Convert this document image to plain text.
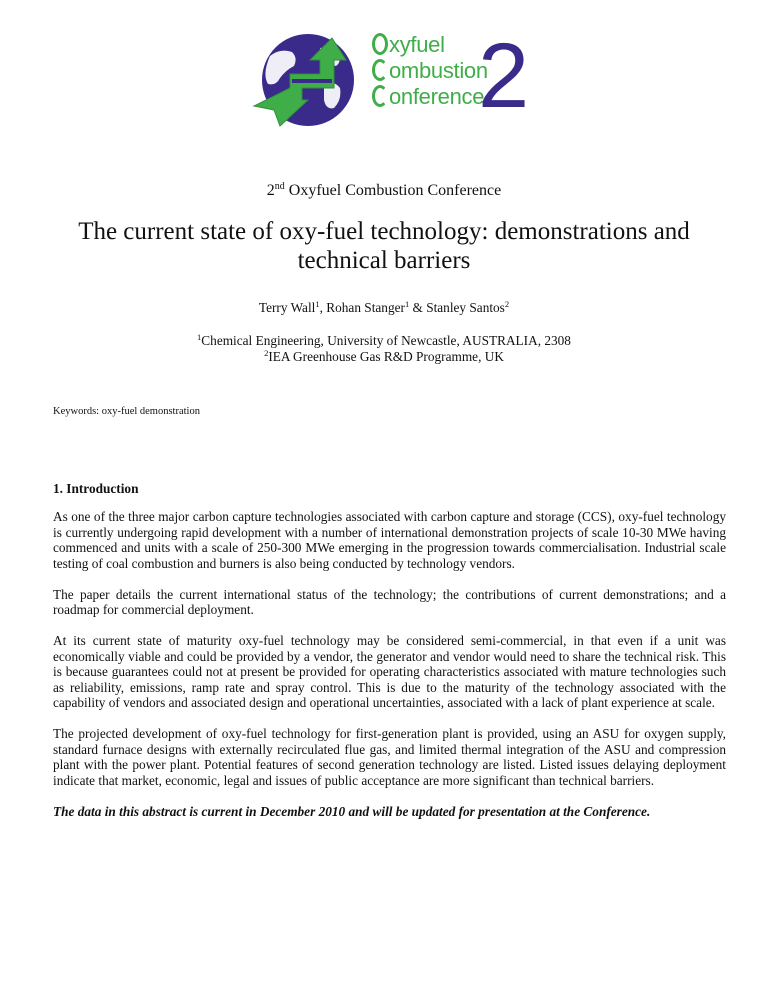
xyfuel
ombustion
onference
2
2nd Oxyfuel Combustion Conference
The current state of oxy-fuel technology: demonstrations and technical barriers
Terry Wall$^1$, Rohan Stanger$^1$ & Stanley Santos$^2$
$^1$Chemical Engineering, University of Newcastle, AUSTRALIA, 2308
$^2$IEA Greenhouse Gas R&D Programme, UK
Keywords: oxy-fuel demonstration
1. Introduction

As one of the three major carbon capture technologies associated with carbon capture and storage (CCS), oxy-fuel technology is currently undergoing rapid development with a number of international demonstration projects of scale 10-30 MWe having commenced and units with a scale of 250-300 MWe emerging in the progression towards commercialisation. Industrial scale testing of coal combustion and burners is also being conducted by technology vendors.

The paper details the current international status of the technology; the contributions of current demonstrations; and a roadmap for commercial deployment.

At its current state of maturity oxy-fuel technology may be considered semi-commercial, in that even if a unit was economically viable and could be provided by a vendor, the generator and vendor would need to share the technical risk. This is because guarantees could not at present be provided for operating characteristics associated with mature technologies such as reliability, emissions, ramp rate and spray control. This is due to the maturity of the technology associated with the capability of vendors and associated design and operational uncertainties, associated with a lack of plant experience at scale.

The projected development of oxy-fuel technology for first-generation plant is provided, using an ASU for oxygen supply, standard furnace designs with externally recirculated flue gas, and limited thermal integration of the ASU and compression plant with the power plant. Potential features of second generation technology are listed. Listed issues delaying deployment indicate that market, economic, legal and issues of public acceptance are more significant than technical barriers.

The data in this abstract is current in December 2010 and will be updated for presentation at the Conference.
